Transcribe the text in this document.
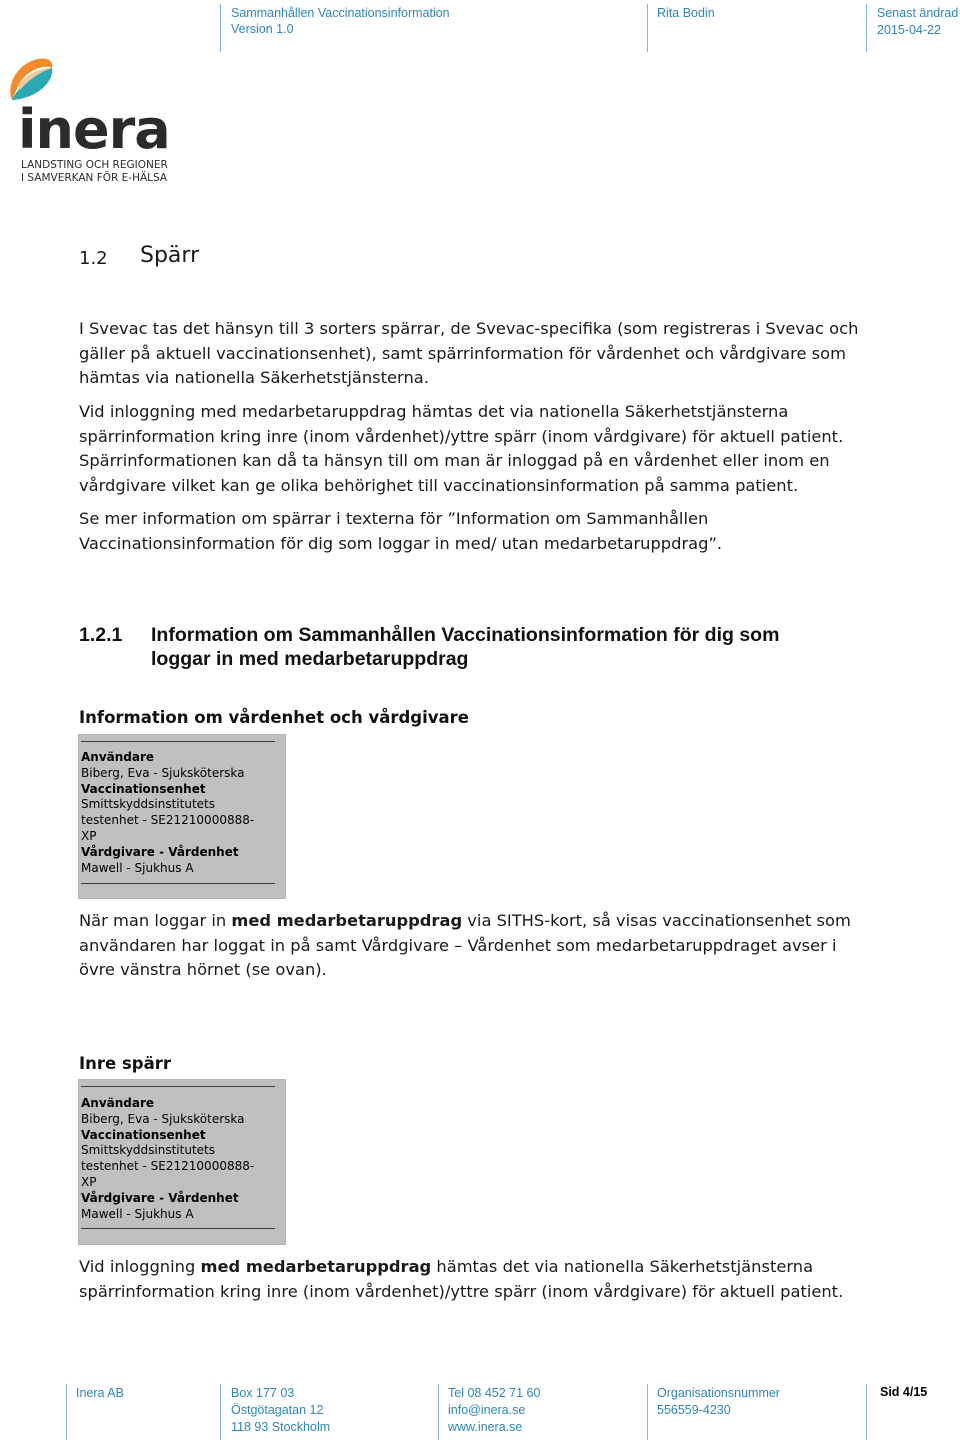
Sammanhållen Vaccinationsinformation
Version 1.0
Rita Bodin	Senast ändrad
2015-04-22
inera
LANDSTING OCH REGIONER
I SAMVERKAN FÖR E-HÄLSA
1.2 Spärr
I Svevac tas det hänsyn till 3 sorters spärrar, de Svevac-specifika (som registreras i Svevac och gäller på aktuell vaccinationsenhet), samt spärrinformation för vårdenhet och vårdgivare som hämtas via nationella Säkerhetstjänsterna.
Vid inloggning med medarbetaruppdrag hämtas det via nationella Säkerhetstjänsterna spärrinformation kring inre (inom vårdenhet)/yttre spärr (inom vårdgivare) för aktuell patient. Spärrinformationen kan då ta hänsyn till om man är inloggad på en vårdenhet eller inom en vårdgivare vilket kan ge olika behörighet till vaccinationsinformation på samma patient.
Se mer information om spärrar i texterna för ”Information om Sammanhållen Vaccinationsinformation för dig som loggar in med/ utan medarbetaruppdrag”.
1.2.1 Information om Sammanhållen Vaccinationsinformation för dig som loggar in med medarbetaruppdrag
Information om vårdenhet och vårdgivare
Användare
Biberg, Eva - Sjuksköterska
Vaccinationsenhet
Smittskyddsinstitutets
testenhet - SE21210000888-
XP
Vårdgivare - Vårdenhet
Mawell - Sjukhus A
När man loggar in med medarbetaruppdrag via SITHS-kort, så visas vaccinationsenhet som användaren har loggat in på samt Vårdgivare – Vårdenhet som medarbetaruppdraget avser i övre vänstra hörnet (se ovan).
Inre spärr
Användare
Biberg, Eva - Sjuksköterska
Vaccinationsenhet
Smittskyddsinstitutets
testenhet - SE21210000888-
XP
Vårdgivare - Vårdenhet
Mawell - Sjukhus A
Vid inloggning med medarbetaruppdrag hämtas det via nationella Säkerhetstjänsterna spärrinformation kring inre (inom vårdenhet)/yttre spärr (inom vårdgivare) för aktuell patient.
Inera AB	Box 177 03
Östgötagatan 12
118 93 Stockholm
Tel 08 452 71 60
info@inera.se
www.inera.se
Organisationsnummer
556559-4230
Sid 4/15
